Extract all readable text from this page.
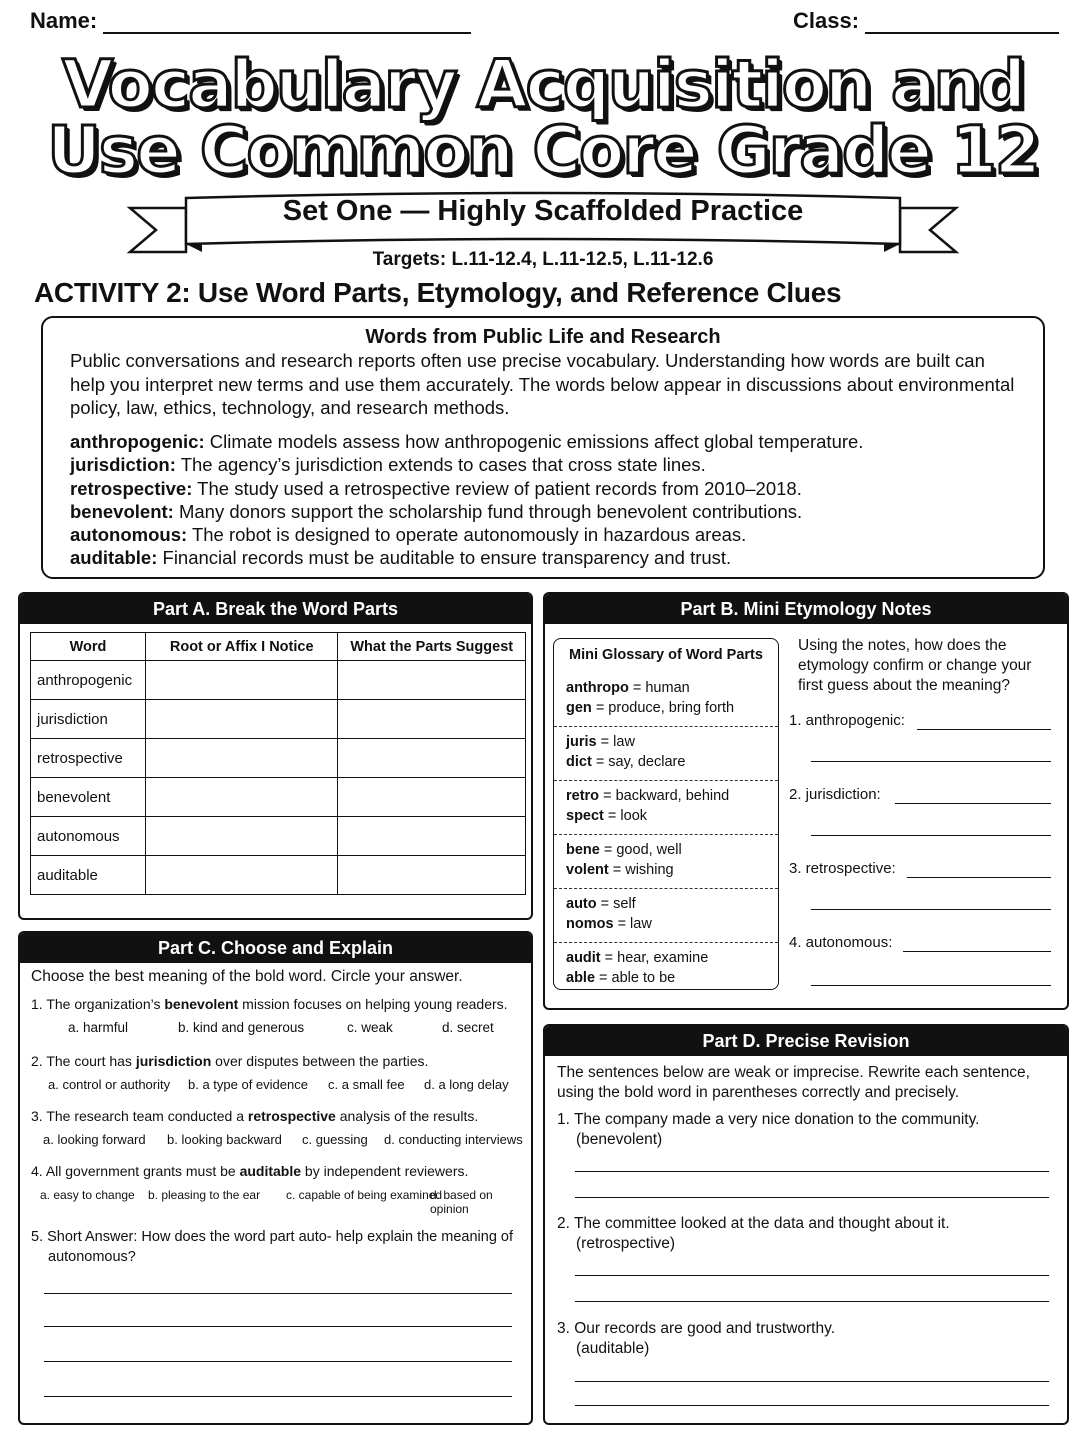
Name:	Class:
Vocabulary Acquisition and
Use Common Core Grade 12
Set One — Highly Scaffolded Practice
Targets: L.11-12.4, L.11-12.5, L.11-12.6
ACTIVITY 2: Use Word Parts, Etymology, and Reference Clues
Words from Public Life and Research
Public conversations and research reports often use precise vocabulary. Understanding how words are built can help you interpret new terms and use them accurately. The words below appear in discussions about environmental policy, law, ethics, technology, and research methods.
anthropogenic: Climate models assess how anthropogenic emissions affect global temperature.
jurisdiction: The agency’s jurisdiction extends to cases that cross state lines.
retrospective: The study used a retrospective review of patient records from 2010–2018.
benevolent: Many donors support the scholarship fund through benevolent contributions.
autonomous: The robot is designed to operate autonomously in hazardous areas.
auditable: Financial records must be auditable to ensure transparency and trust.
Part A. Break the Word Parts
Word	Root or Affix I Notice	What the Parts Suggest
anthropogenic		
jurisdiction		
retrospective		
benevolent		
autonomous		
auditable		
Part B. Mini Etymology Notes
Mini Glossary of Word Parts
anthropo = human
gen = produce, bring forth
juris = law
dict = say, declare
retro = backward, behind
spect = look
bene = good, well
volent = wishing
auto = self
nomos = law
audit = hear, examine
able = able to be
Using the notes, how does the etymology confirm or change your first guess about the meaning?
1. anthropogenic:
2. jurisdiction:
3. retrospective:
4. autonomous:
Part C. Choose and Explain
Choose the best meaning of the bold word. Circle your answer.
1. The organization’s benevolent mission focuses on helping young readers.
a. harmful	b. kind and generous	c. weak	d. secret
2. The court has jurisdiction over disputes between the parties.
a. control or authority b. a type of evidence c. a small fee d. a long delay
3. The research team conducted a retrospective analysis of the results.
a. looking forward b. looking backward c. guessing d. conducting interviews
4. All government grants must be auditable by independent reviewers.
a. easy to change b. pleasing to the ear c. capable of being examined
d. based on opinion
5. Short Answer: How does the word part auto- help explain the meaning of
autonomous?
Part D. Precise Revision
The sentences below are weak or imprecise. Rewrite each sentence, using the bold word in parentheses correctly and precisely.
1. The company made a very nice donation to the community.
(benevolent)
2. The committee looked at the data and thought about it.
(retrospective)
3. Our records are good and trustworthy.
(auditable)
